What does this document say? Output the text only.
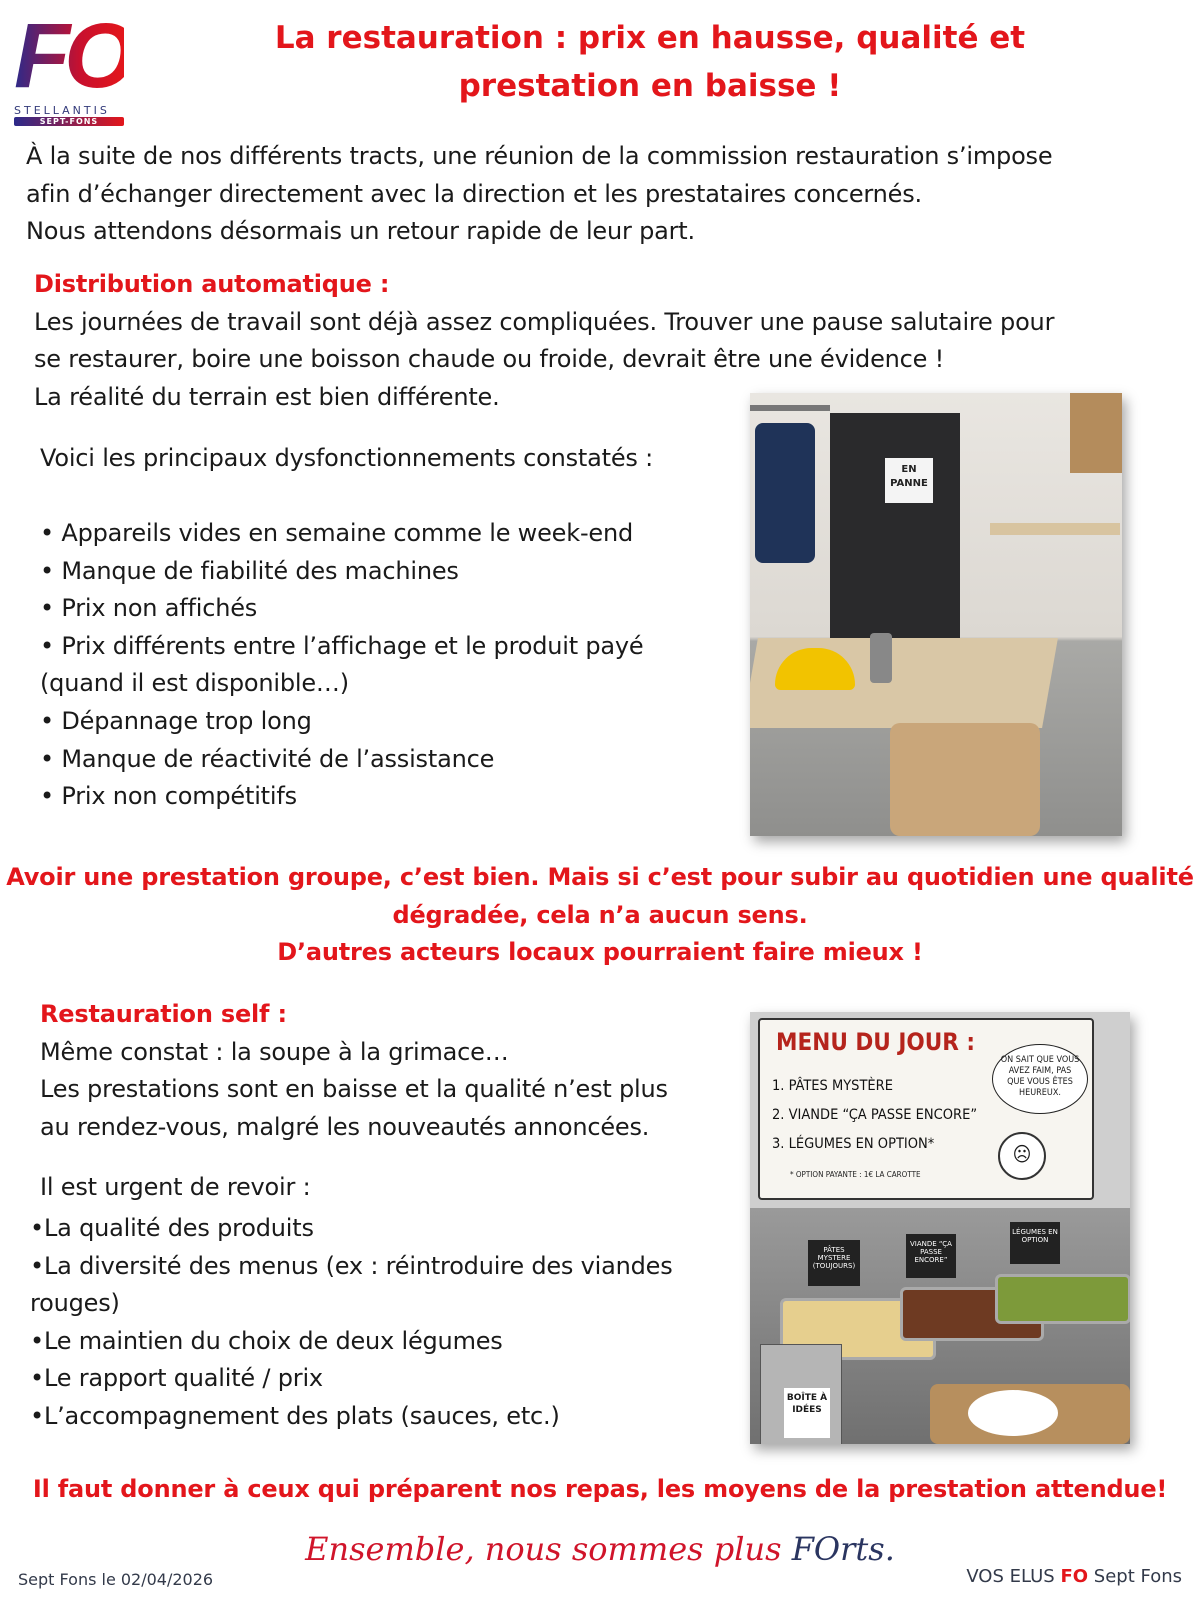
FO
STELLANTIS
SEPT-FONS
La restauration : prix en hausse, qualité et
prestation en baisse !
À la suite de nos différents tracts, une réunion de la commission restauration s’impose
afin d’échanger directement avec la direction et les prestataires concernés.
Nous attendons désormais un retour rapide de leur part.
Distribution automatique :
Les journées de travail sont déjà assez compliquées. Trouver une pause salutaire pour
se restaurer, boire une boisson chaude ou froide, devrait être une évidence !
La réalité du terrain est bien différente.
Voici les principaux dysfonctionnements constatés :
• Appareils vides en semaine comme le week-end
• Manque de fiabilité des machines
• Prix non affichés
• Prix différents entre l’affichage et le produit payé
(quand il est disponible…)
• Dépannage trop long
• Manque de réactivité de l’assistance
• Prix non compétitifs
EN PANNE
Avoir une prestation groupe, c’est bien. Mais si c’est pour subir au quotidien une qualité
dégradée, cela n’a aucun sens.
D’autres acteurs locaux pourraient faire mieux !
Restauration self :
Même constat : la soupe à la grimace…
Les prestations sont en baisse et la qualité n’est plus
au rendez-vous, malgré les nouveautés annoncées.
Il est urgent de revoir :
•La qualité des produits
•La diversité des menus (ex : réintroduire des viandes
rouges)
•Le maintien du choix de deux légumes
•Le rapport qualité / prix
•L’accompagnement des plats (sauces, etc.)
MENU DU JOUR :
1. PÂTES MYSTÈRE
2. VIANDE “ÇA PASSE ENCORE”
3. LÉGUMES EN OPTION*
* OPTION PAYANTE : 1€ LA CAROTTE
ON SAIT QUE VOUS AVEZ FAIM, PAS QUE VOUS ÊTES HEUREUX.
☹
PÂTES MYSTERE (TOUJOURS)
VIANDE “ÇA PASSE ENCORE”
LÉGUMES EN OPTION
BOÎTE À IDÉES
Il faut donner à ceux qui préparent nos repas, les moyens de la prestation attendue!
Ensemble, nous sommes plus FOrts.
Sept Fons le 02/04/2026	VOS ELUS FO Sept Fons
